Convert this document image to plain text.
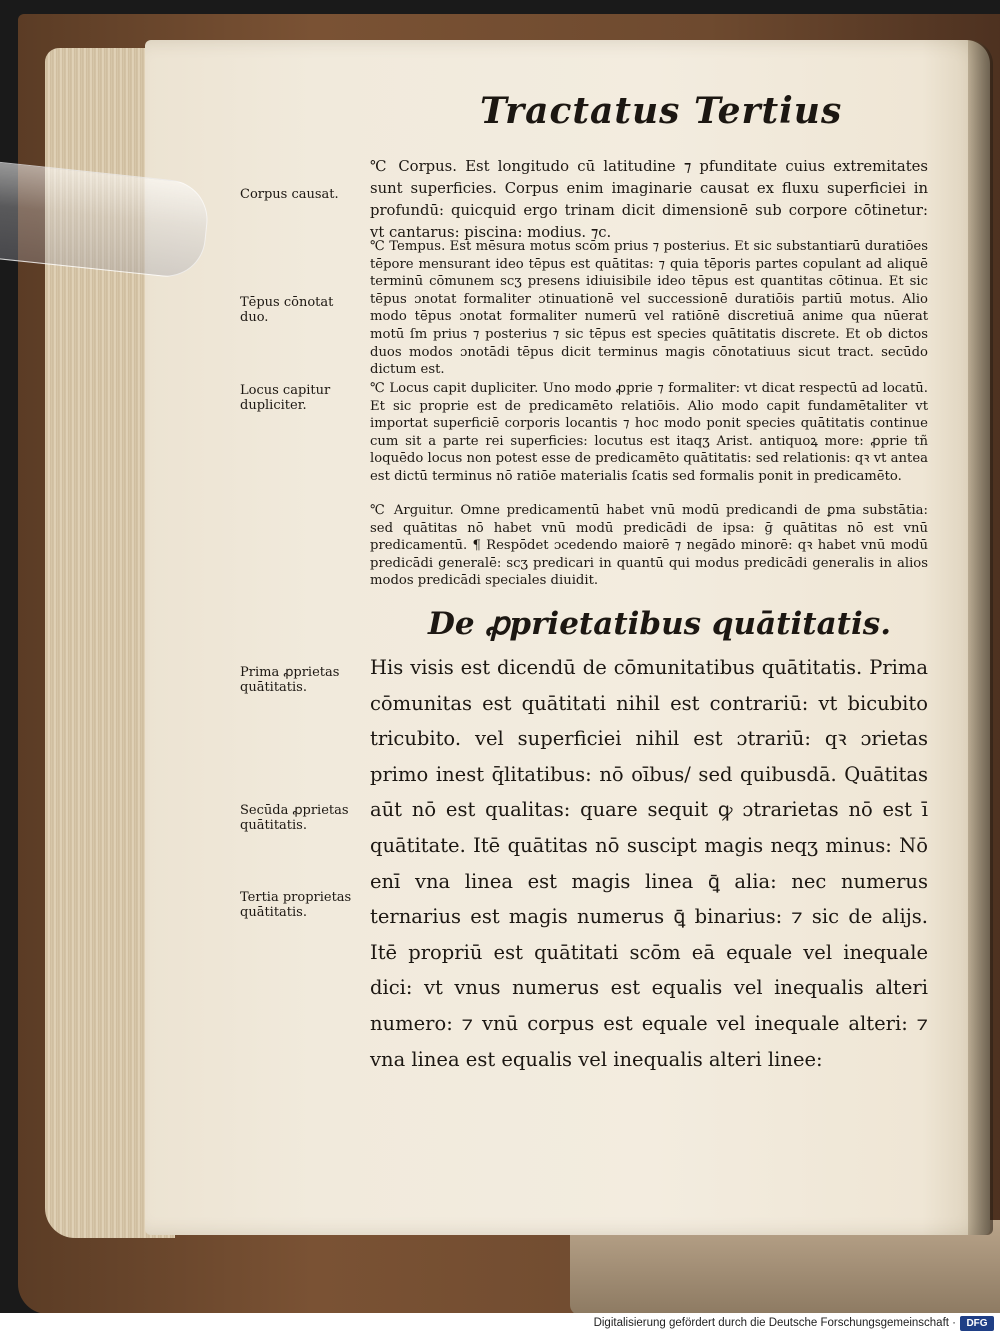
Tractatus Tertius

℃ Corpus. Est longitudo cū latitudine ⁊ pfunditate cuius extremitates sunt superficies. Corpus enim imaginarie causat ex fluxu superficiei in profundū: quicquid ergo trinam dicit dimensionē sub corpore cōtinetur: vt cantarus: piscina: modius. ⁊c.

℃ Tempus. Est mēsura motus scōm prius ⁊ posterius. Et sic substantiarū duratiōes tēpore mensurant ideo tēpus est quātitas: ⁊ quia tēporis partes copulant ad aliquē terminū cōmunem scʒ presens idiuisibile ideo tēpus est quantitas cōtinua. Et sic tēpus ɔnotat formaliter ɔtinuationē vel successionē duratiōis partiū motus. Alio modo tēpus ɔnotat formaliter numerū vel ratiōnē discretiuā anime qua nūerat motū ſm prius ⁊ posterius ⁊ sic tēpus est species quātitatis discrete. Et ob dictos duos modos ɔnotādi tēpus dicit terminus magis cōnotatiuus sicut tract. secūdo dictum est.

℃ Locus capit dupliciter. Uno modo ꝓprie ⁊ formaliter: vt dicat respectū ad locatū. Et sic proprie est de predicamēto relatiōis. Alio modo capit fundamētaliter vt importat superficiē corporis locantis ⁊ hoc modo ponit species quātitatis continue cum sit a parte rei superficies: locutus est itaqʒ Arist. antiquoꝝ more: ꝓprie tñ loquēdo locus non potest esse de predicamēto quātitatis: sed relationis: qꝛ vt antea est dictū terminus nō ratiōe materialis ſcatis sed formalis ponit in predicamēto.

℃ Arguitur. Omne predicamentū habet vnū modū predicandi de ꝑma substātia: sed quātitas nō habet vnū modū predicādi de ipsa: ḡ quātitas nō est vnū predicamentū. ¶ Respōdet ɔcedendo maiorē ⁊ negādo minorē: qꝛ habet vnū modū predicādi generalē: scʒ predicari in quantū qui modus predicādi generalis in alios modos predicādi speciales diuidit.

De ꝓprietatibus quātitatis.

His visis est dicendū de cōmunitatibus quātitatis. Prima cōmunitas est quātitati nihil est contrariū: vt bicubito tricubito. vel superficiei nihil est ɔtrariū: qꝛ ɔrietas primo inest q̄litatibus: nō oībus/ sed quibusdā. Quātitas aūt nō est qualitas: quare sequit ꝙ ɔtrarietas nō est ī quātitate. Itē quātitas nō suscipt magis neqʒ minus: Nō enī vna linea est magis linea ꝗ̄ alia: nec numerus ternarius est magis numerus ꝗ̄ binarius: ⁊ sic de alijs. Itē propriū est quātitati scōm eā equale vel inequale dici: vt vnus numerus est equalis vel inequalis alteri numero: ⁊ vnū corpus est equale vel inequale alteri: ⁊ vna linea est equalis vel inequalis alteri linee:

Corpus causat.
Tēpus cōnotat duo.
Locus capitur dupliciter.
Prima ꝓprietas quātitatis.
Secūda ꝓprietas quātitatis.
Tertia proprietas quātitatis.
Digitalisierung gefördert durch die Deutsche Forschungsgemeinschaft ·	DFG
